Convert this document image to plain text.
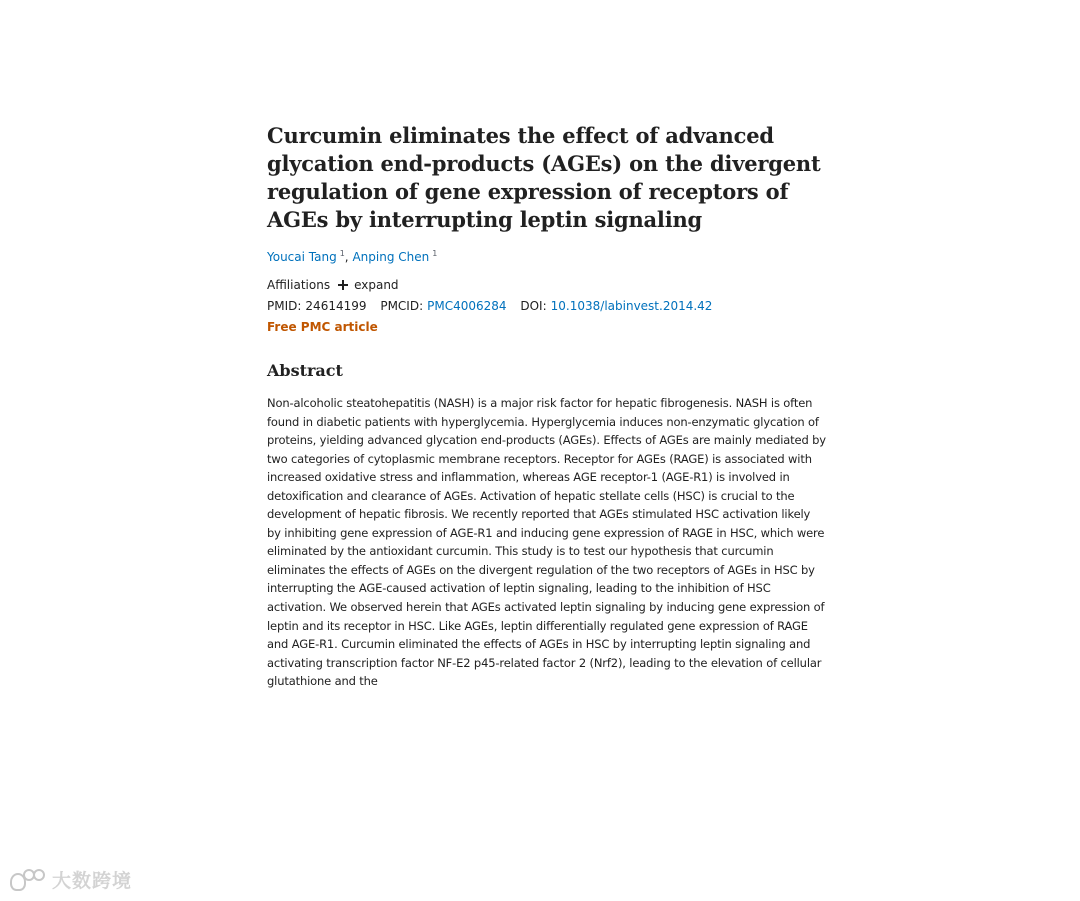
Curcumin eliminates the effect of advanced glycation end-products (AGEs) on the divergent regulation of gene expression of receptors of AGEs by interrupting leptin signaling
Youcai Tang $^1$, Anping Chen $^1$
Affiliations expand
PMID: 24614199 PMCID: PMC4006284 DOI: 10.1038/labinvest.2014.42
Free PMC article
Abstract
Non-alcoholic steatohepatitis (NASH) is a major risk factor for hepatic fibrogenesis. NASH is often found in diabetic patients with hyperglycemia. Hyperglycemia induces non-enzymatic glycation of proteins, yielding advanced glycation end-products (AGEs). Effects of AGEs are mainly mediated by two categories of cytoplasmic membrane receptors. Receptor for AGEs (RAGE) is associated with increased oxidative stress and inflammation, whereas AGE receptor-1 (AGE-R1) is involved in detoxification and clearance of AGEs. Activation of hepatic stellate cells (HSC) is crucial to the development of hepatic fibrosis. We recently reported that AGEs stimulated HSC activation likely by inhibiting gene expression of AGE-R1 and inducing gene expression of RAGE in HSC, which were eliminated by the antioxidant curcumin. This study is to test our hypothesis that curcumin eliminates the effects of AGEs on the divergent regulation of the two receptors of AGEs in HSC by interrupting the AGE-caused activation of leptin signaling, leading to the inhibition of HSC activation. We observed herein that AGEs activated leptin signaling by inducing gene expression of leptin and its receptor in HSC. Like AGEs, leptin differentially regulated gene expression of RAGE and AGE-R1. Curcumin eliminated the effects of AGEs in HSC by interrupting leptin signaling and activating transcription factor NF-E2 p45-related factor 2 (Nrf2), leading to the elevation of cellular glutathione and the
大数跨境
